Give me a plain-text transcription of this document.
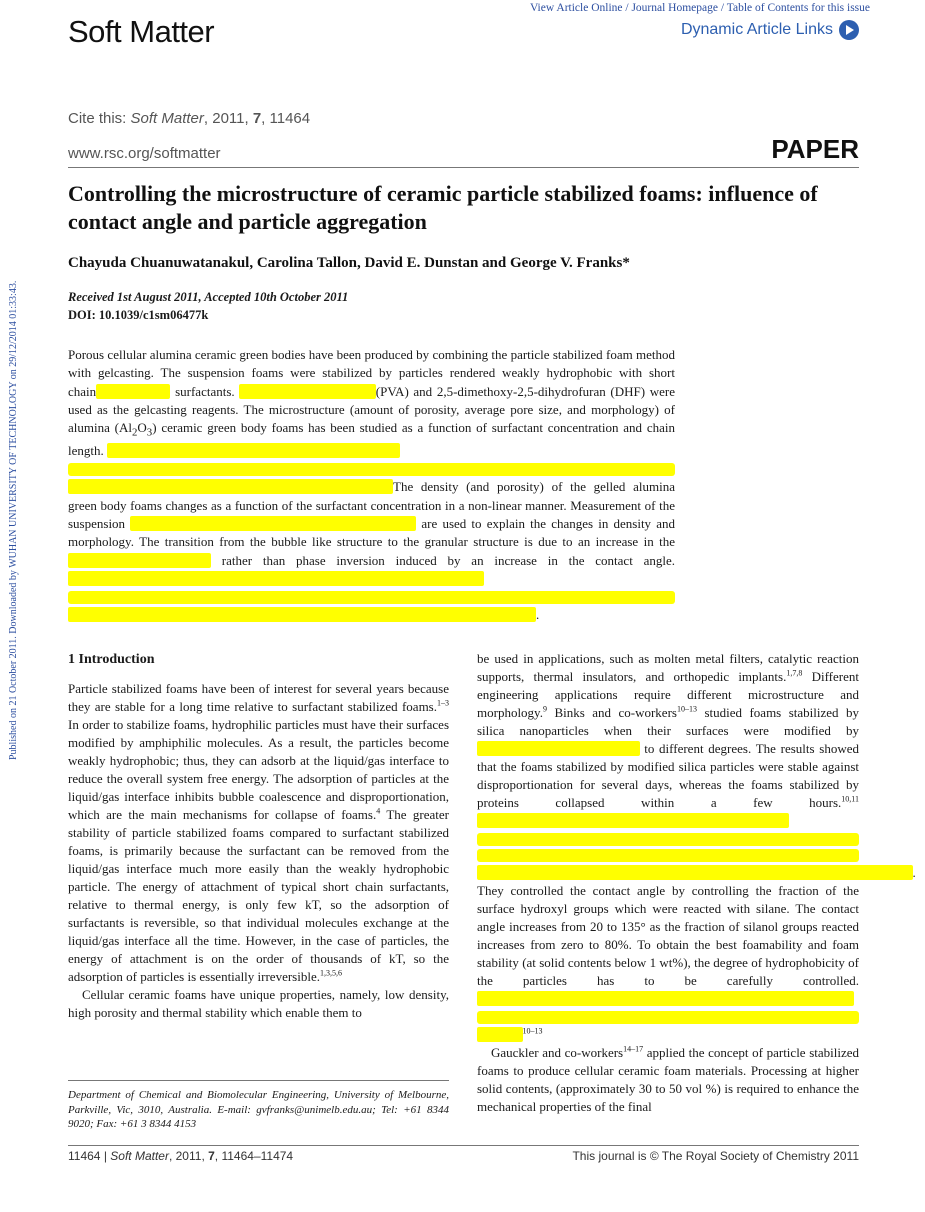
View Article Online / Journal Homepage / Table of Contents for this issue
Soft Matter	Dynamic Article Links
Cite this: Soft Matter, 2011, 7, 11464
www.rsc.org/softmatter	PAPER
Published on 21 October 2011. Downloaded by WUHAN UNIVERSITY OF TECHNOLOGY on 29/12/2014 01:33:43.
Controlling the microstructure of ceramic particle stabilized foams: influence of contact angle and particle aggregation
Chayuda Chuanuwatanakul, Carolina Tallon, David E. Dunstan and George V. Franks*
Received 1st August 2011, Accepted 10th October 2011
DOI: 10.1039/c1sm06477k
Porous cellular alumina ceramic green bodies have been produced by combining the particle stabilized foam method with gelcasting. The suspension foams were stabilized by particles rendered weakly hydrophobic with short chain	surfactants.	(PVA) and 2,5-dimethoxy-2,5-dihydrofuran (DHF) were used as the gelcasting reagents. The microstructure (amount of porosity, average pore size, and morphology) of alumina $(Al_2O_3)$ ceramic green body foams has been studied as a function of surfactant concentration and chain length.
The density (and porosity) of the gelled alumina green body foams changes as a function of the surfactant concentration in a non-linear manner. Measurement of the suspension	are used to explain the changes in density and morphology. The transition from the bubble like structure to the granular structure is due to an increase in the rather than phase inversion induced by an increase in the contact angle.
.
1 Introduction

Particle stabilized foams have been of interest for several years because they are stable for a long time relative to surfactant stabilized foams.$^{1-3}$ In order to stabilize foams, hydrophilic particles must have their surfaces modified by amphiphilic molecules. As a result, the particles become weakly hydrophobic; thus, they can adsorb at the liquid/gas interface to reduce the overall system free energy. The adsorption of particles at the liquid/gas interface inhibits bubble coalescence and disproportionation, which are the main mechanisms for collapse of foams.$^4$ The greater stability of particle stabilized foams compared to surfactant stabilized foams, is primarily because the surfactant can be removed from the liquid/gas interface much more easily than the weakly hydrophobic particle. The energy of attachment of typical short chain surfactants, relative to thermal energy, is only few kT, so the adsorption of surfactants is reversible, so that individual molecules exchange at the liquid/gas interface all the time. However, in the case of particles, the energy of attachment is on the order of thousands of kT, so the adsorption of particles is essentially irreversible.$^{1,3,5,6}$

Cellular ceramic foams have unique properties, namely, low density, high porosity and thermal stability which enable them to

be used in applications, such as molten metal filters, catalytic reaction supports, thermal insulators, and orthopedic implants.$^{1,7,8}$ Different engineering applications require different microstructure and morphology.$^9$ Binks and co-workers$^{10-13}$ studied foams stabilized by silica nanoparticles when their surfaces were modified by to different degrees. The results showed that the foams stabilized by modified silica particles were stable against disproportionation for several days, whereas the foams stabilized by proteins collapsed within a few hours.$^{10,11}$
. They controlled the contact angle by controlling the fraction of the surface hydroxyl groups which were reacted with silane. The contact angle increases from 20 to 135° as the fraction of silanol groups reacted increases from zero to 80%. To obtain the best foamability and foam stability (at solid contents below 1 wt%), the degree of hydrophobicity of the particles has to be carefully controlled.
$^{10-13}$

Gauckler and co-workers$^{14-17}$ applied the concept of particle stabilized foams to produce cellular ceramic foam materials. Processing at higher solid contents, (approximately 30 to 50 vol %) is required to enhance the mechanical properties of the final

Department of Chemical and Biomolecular Engineering, University of Melbourne, Parkville, Vic, 3010, Australia. E-mail: gvfranks@unimelb.edu.au; Tel: +61 8344 9020; Fax: +61 3 8344 4153
11464 | Soft Matter, 2011, 7, 11464–11474	This journal is © The Royal Society of Chemistry 2011
